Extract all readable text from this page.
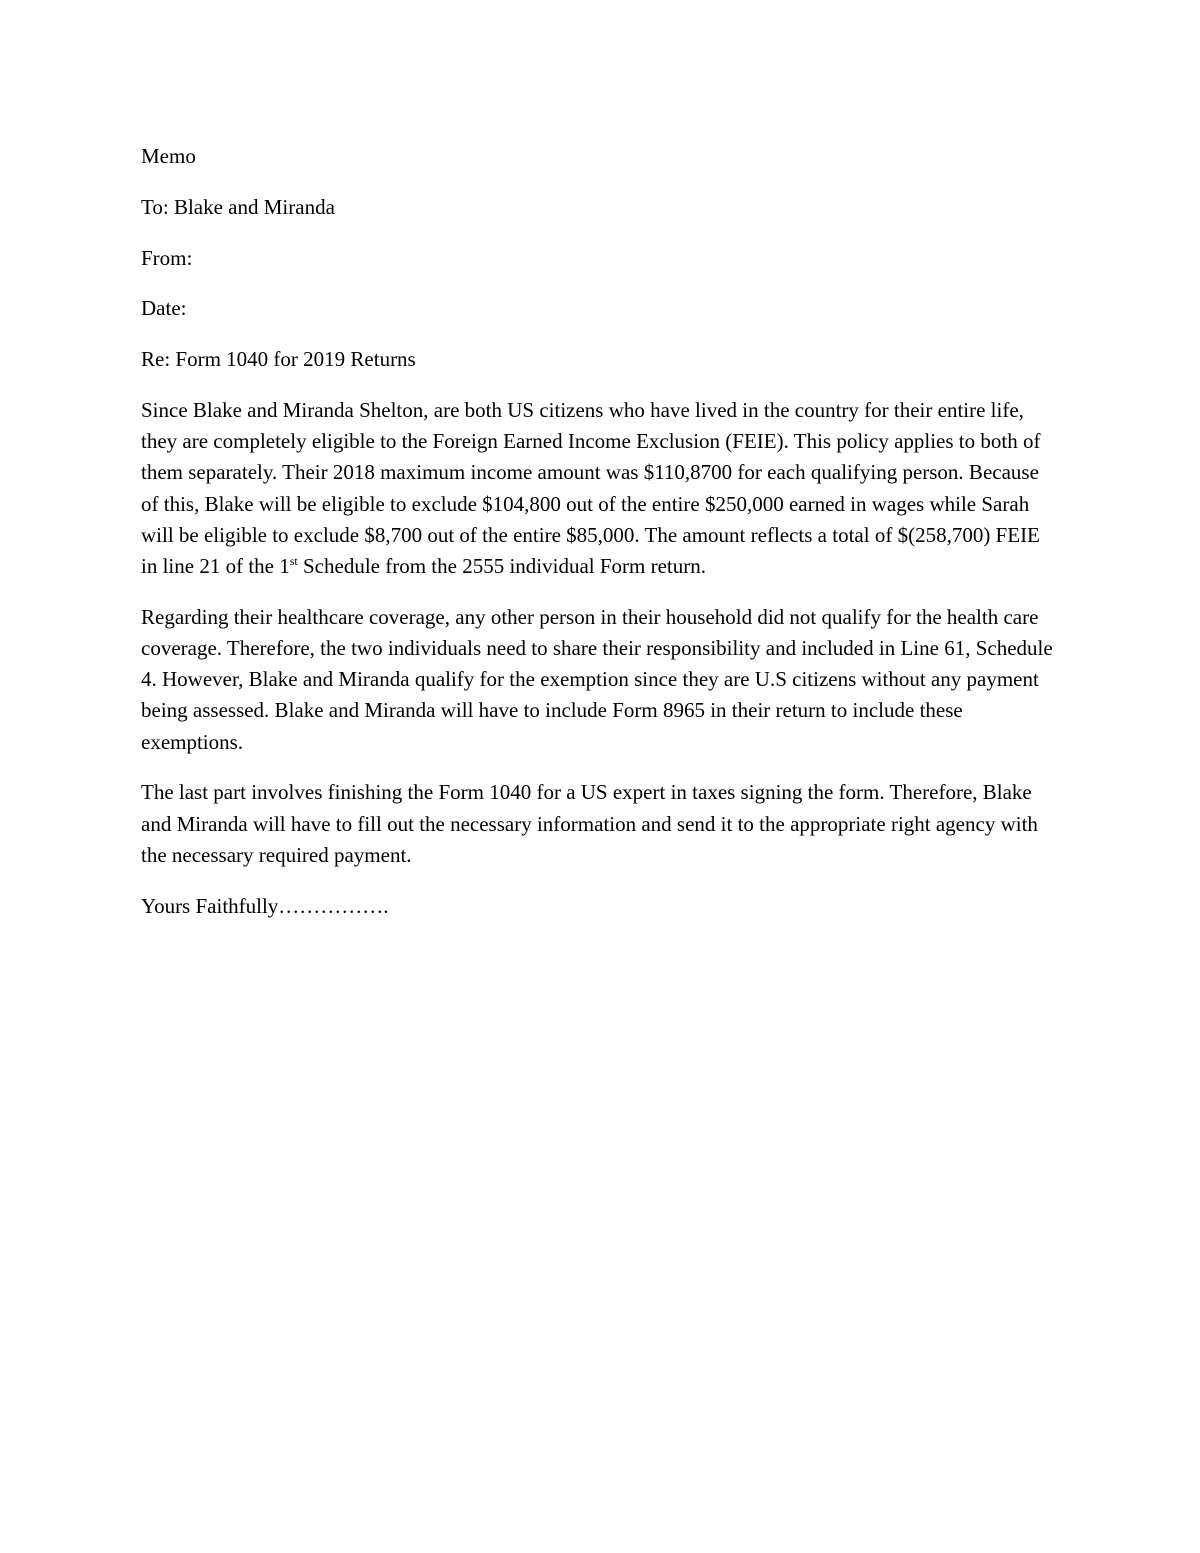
Memo

To: Blake and Miranda

From:

Date:

Re: Form 1040 for 2019 Returns

Since Blake and Miranda Shelton, are both US citizens who have lived in the country for their entire life, they are completely eligible to the Foreign Earned Income Exclusion (FEIE). This policy applies to both of them separately. Their 2018 maximum income amount was $110,8700 for each qualifying person. Because of this, Blake will be eligible to exclude $104,800 out of the entire $250,000 earned in wages while Sarah will be eligible to exclude $8,700 out of the entire $85,000. The amount reflects a total of $(258,700) FEIE in line 21 of the 1st Schedule from the 2555 individual Form return.

Regarding their healthcare coverage, any other person in their household did not qualify for the health care coverage. Therefore, the two individuals need to share their responsibility and included in Line 61, Schedule 4. However, Blake and Miranda qualify for the exemption since they are U.S citizens without any payment being assessed. Blake and Miranda will have to include Form 8965 in their return to include these exemptions.

The last part involves finishing the Form 1040 for a US expert in taxes signing the form. Therefore, Blake and Miranda will have to fill out the necessary information and send it to the appropriate right agency with the necessary required payment.

Yours Faithfully…………….
